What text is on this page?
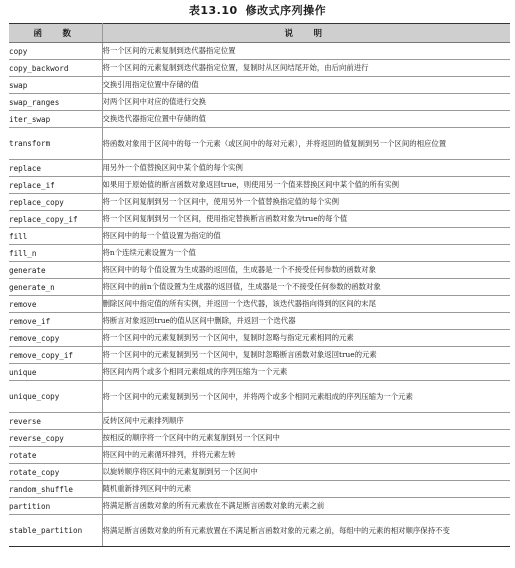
表13.10 修改式序列操作
函　数	说　明
copy	将一个区间的元素复制到迭代器指定位置
copy_backword	将一个区间的元素复制到迭代器指定位置，复制时从区间结尾开始，由后向前进行
swap	交换引用指定位置中存储的值
swap_ranges	对两个区间中对应的值进行交换
iter_swap	交换迭代器指定位置中存储的值
transform	将函数对象用于区间中的每一个元素（或区间中的每对元素），并将返回的值复制到另一个区间的相应位置
replace	用另外一个值替换区间中某个值的每个实例
replace_if	如果用于原始值的断言函数对象返回true，则使用另一个值来替换区间中某个值的所有实例
replace_copy	将一个区间复制到另一个区间中，使用另外一个值替换指定值的每个实例
replace_copy_if	将一个区间复制到另一个区间，使用指定替换断言函数对象为true的每个值
fill	将区间中的每一个值设置为指定的值
fill_n	将n个连续元素设置为一个值
generate	将区间中的每个值设置为生成器的返回值，生成器是一个不接受任何参数的函数对象
generate_n	将区间中的前n个值设置为生成器的返回值，生成器是一个不接受任何参数的函数对象
remove	删除区间中指定值的所有实例，并返回一个迭代器，该迭代器指向得到的区间的末尾
remove_if	将断言对象返回true的值从区间中删除，并返回一个迭代器
remove_copy	将一个区间中的元素复制到另一个区间中，复制时忽略与指定元素相同的元素
remove_copy_if	将一个区间中的元素复制到另一个区间中，复制时忽略断言函数对象返回true的元素
unique	将区间内两个或多个相同元素组成的序列压缩为一个元素
unique_copy	将一个区间中的元素复制到另一个区间中，并将两个或多个相同元素组成的序列压缩为一个元素
reverse	反转区间中元素排列顺序
reverse_copy	按相反的顺序将一个区间中的元素复制到另一个区间中
rotate	将区间中的元素循环排列，并将元素左转
rotate_copy	以旋转顺序将区间中的元素复制到另一个区间中
random_shuffle	随机重新排列区间中的元素
partition	将满足断言函数对象的所有元素放在不满足断言函数对象的元素之前
stable_partition	将满足断言函数对象的所有元素放置在不满足断言函数对象的元素之前，每组中的元素的相对顺序保持不变
